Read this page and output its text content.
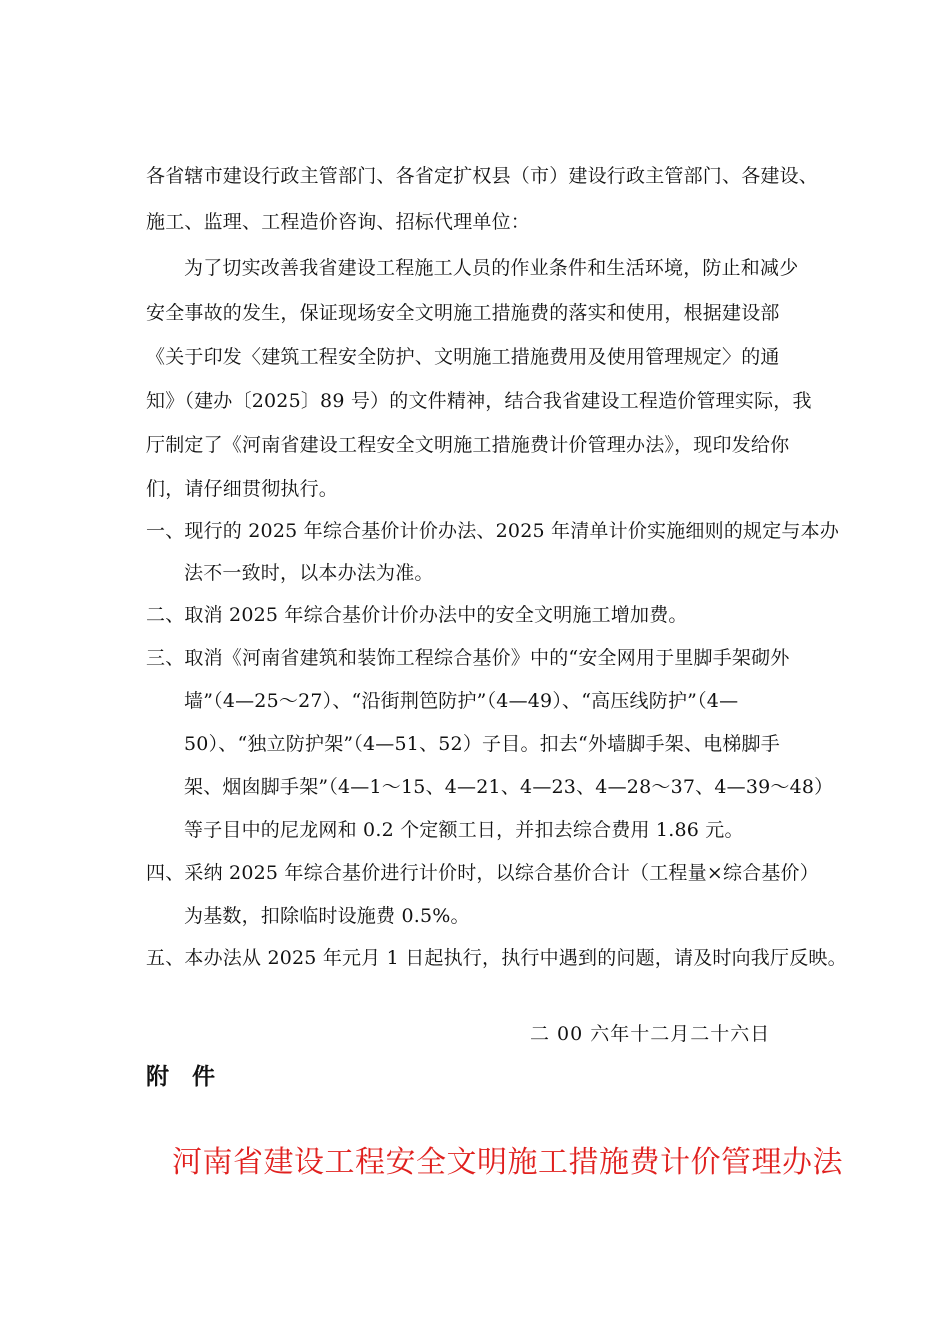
各省辖市建设行政主管部门、各省定扩权县（市）建设行政主管部门、各建设、
施工、监理、工程造价咨询、招标代理单位：
为了切实改善我省建设工程施工人员的作业条件和生活环境，防止和减少
安全事故的发生，保证现场安全文明施工措施费的落实和使用，根据建设部
《关于印发〈建筑工程安全防护、文明施工措施费用及使用管理规定〉的通
知》（建办〔2025〕89 号）的文件精神，结合我省建设工程造价管理实际，我
厅制定了《河南省建设工程安全文明施工措施费计价管理办法》，现印发给你
们，请仔细贯彻执行。
一、现行的 2025 年综合基价计价办法、2025 年清单计价实施细则的规定与本办
法不一致时，以本办法为准。
二、取消 2025 年综合基价计价办法中的安全文明施工增加费。
三、取消《河南省建筑和装饰工程综合基价》中的“安全网用于里脚手架砌外
墙”（4—25～27）、“沿街荆笆防护”（4—49）、“高压线防护”（4—
50）、“独立防护架”（4—51、52）子目。扣去“外墙脚手架、电梯脚手
架、烟囱脚手架”（4—1～15、4—21、4—23、4—28～37、4—39～48）
等子目中的尼龙网和 0.2 个定额工日，并扣去综合费用 1.86 元。
四、采纳 2025 年综合基价进行计价时，以综合基价合计（工程量×综合基价）
为基数，扣除临时设施费 0.5%。
五、本办法从 2025 年元月 1 日起执行，执行中遇到的问题，请及时向我厅反映。
二 00 六年十二月二十六日
附　件
河南省建设工程安全文明施工措施费计价管理办法
